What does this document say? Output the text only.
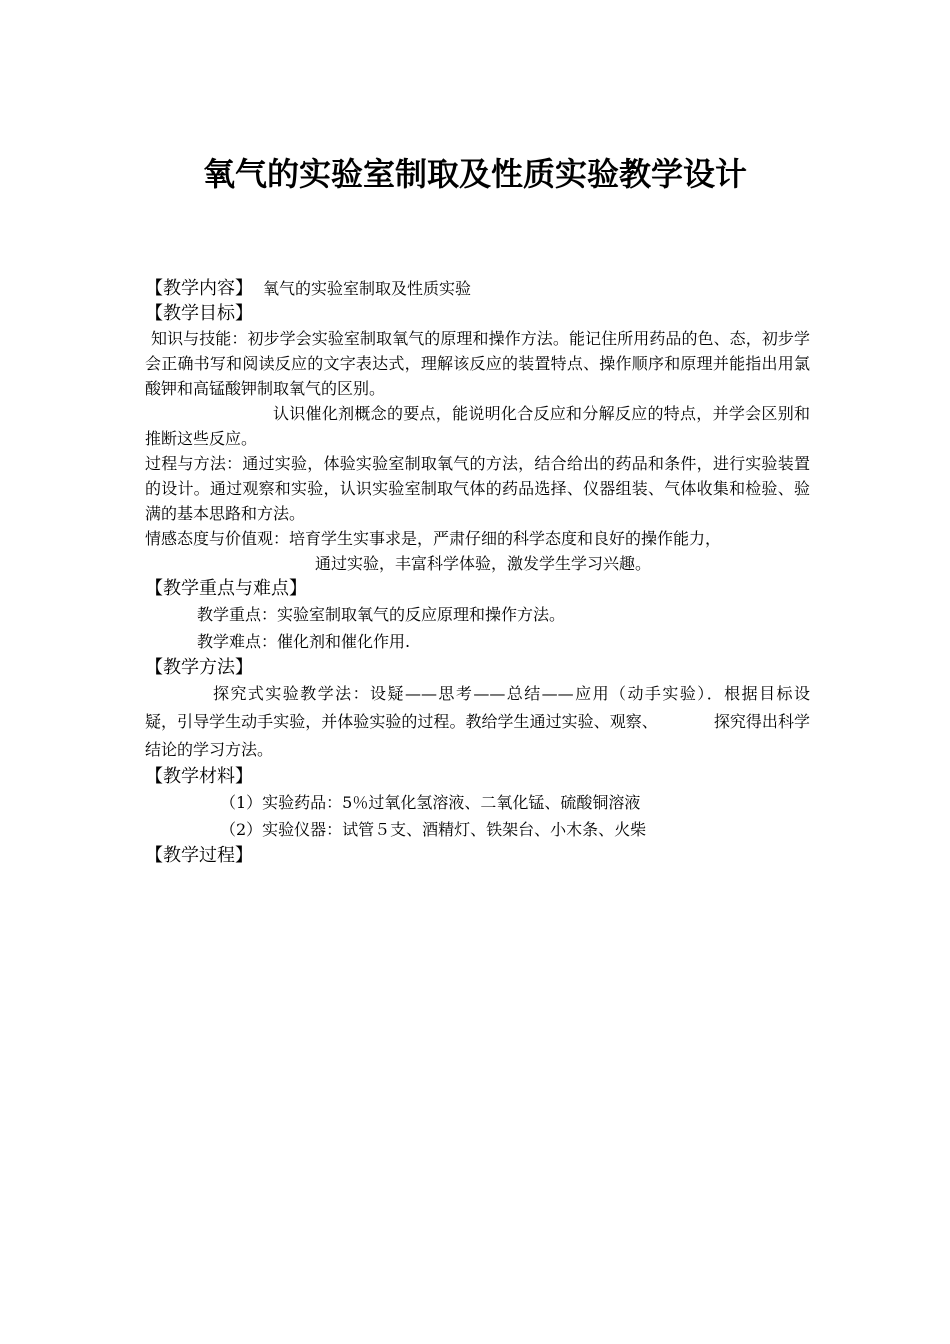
氧气的实验室制取及性质实验教学设计
【教学内容】 氧气的实验室制取及性质实验
【教学目标】

知识与技能：初步学会实验室制取氧气的原理和操作方法。能记住所用药品的色、态，初步学会正确书写和阅读反应的文字表达式，理解该反应的装置特点、操作顺序和原理并能指出用氯酸钾和高锰酸钾制取氧气的区别。

认识催化剂概念的要点，能说明化合反应和分解反应的特点，并学会区别和推断这些反应。

过程与方法：通过实验，体验实验室制取氧气的方法，结合给出的药品和条件，进行实验装置的设计。通过观察和实验，认识实验室制取气体的药品选择、仪器组装、气体收集和检验、验满的基本思路和方法。

情感态度与价值观：培育学生实事求是，严肃仔细的科学态度和良好的操作能力，

通过实验，丰富科学体验，激发学生学习兴趣。

【教学重点与难点】

教学重点：实验室制取氧气的反应原理和操作方法。

教学难点：催化剂和催化作用.

【教学方法】

探究式实验教学法：设疑——思考——总结——应用（动手实验）．根据目标设　　　　疑，引导学生动手实验，并体验实验的过程。教给学生通过实验、观察、　　　　探究得出科学结论的学习方法。

【教学材料】

（1）实验药品：5％过氧化氢溶液、二氧化锰、硫酸铜溶液

（2）实验仪器：试管５支、酒精灯、铁架台、小木条、火柴

【教学过程】
